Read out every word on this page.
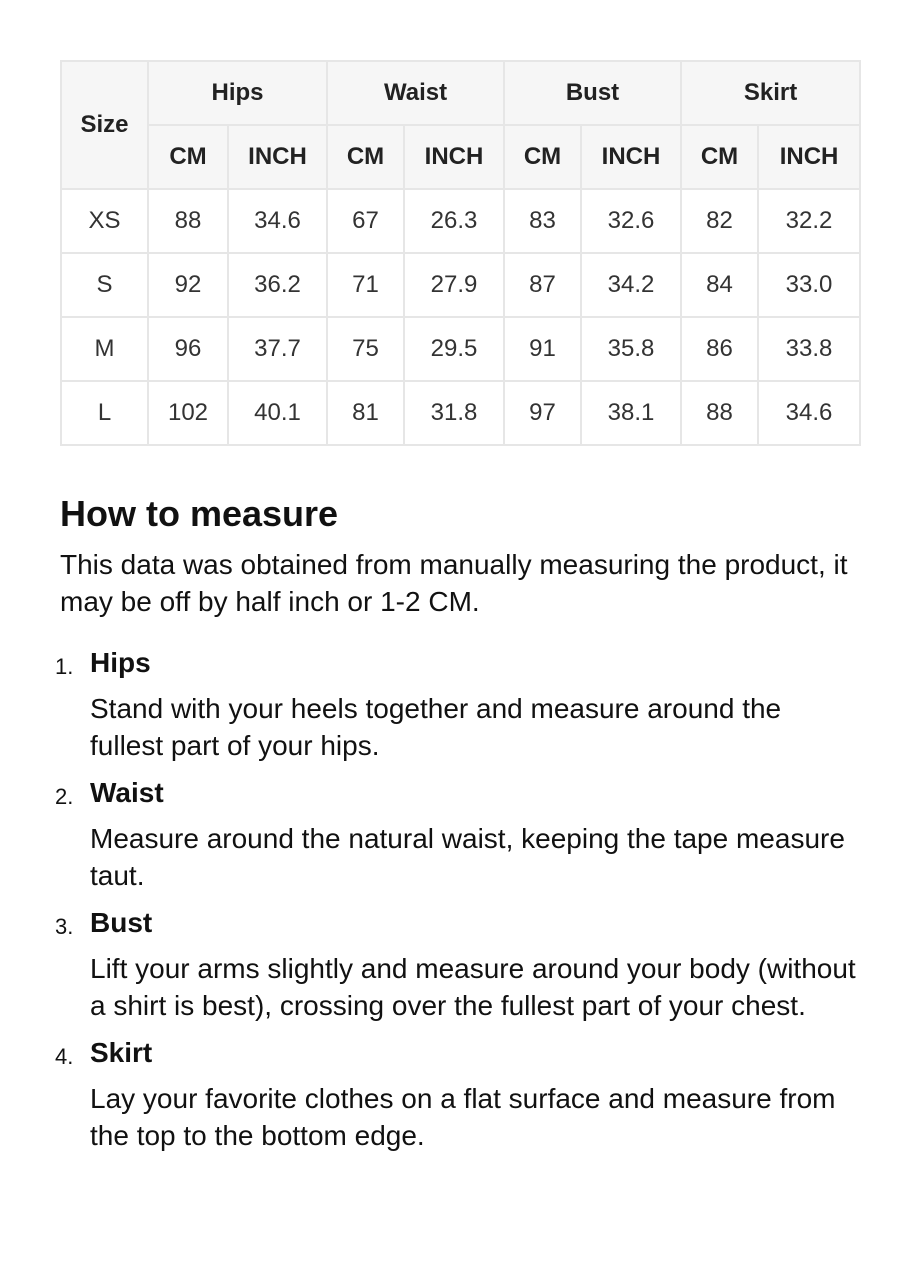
Size	Hips		Waist		Bust		Skirt	
	CM	INCH	CM	INCH	CM	INCH	CM	INCH
XS	88	34.6	67	26.3	83	32.6	82	32.2
S	92	36.2	71	27.9	87	34.2	84	33.0
M	96	37.7	75	29.5	91	35.8	86	33.8
L	102	40.1	81	31.8	97	38.1	88	34.6
How to measure

This data was obtained from manually measuring the product, it may be off by half inch or 1-2 CM.

1. Hips
Stand with your heels together and measure around the fullest part of your hips.
2. Waist
Measure around the natural waist, keeping the tape measure taut.
3. Bust
Lift your arms slightly and measure around your body (without a shirt is best), crossing over the fullest part of your chest.
4. Skirt
Lay your favorite clothes on a flat surface and measure from the top to the bottom edge.
